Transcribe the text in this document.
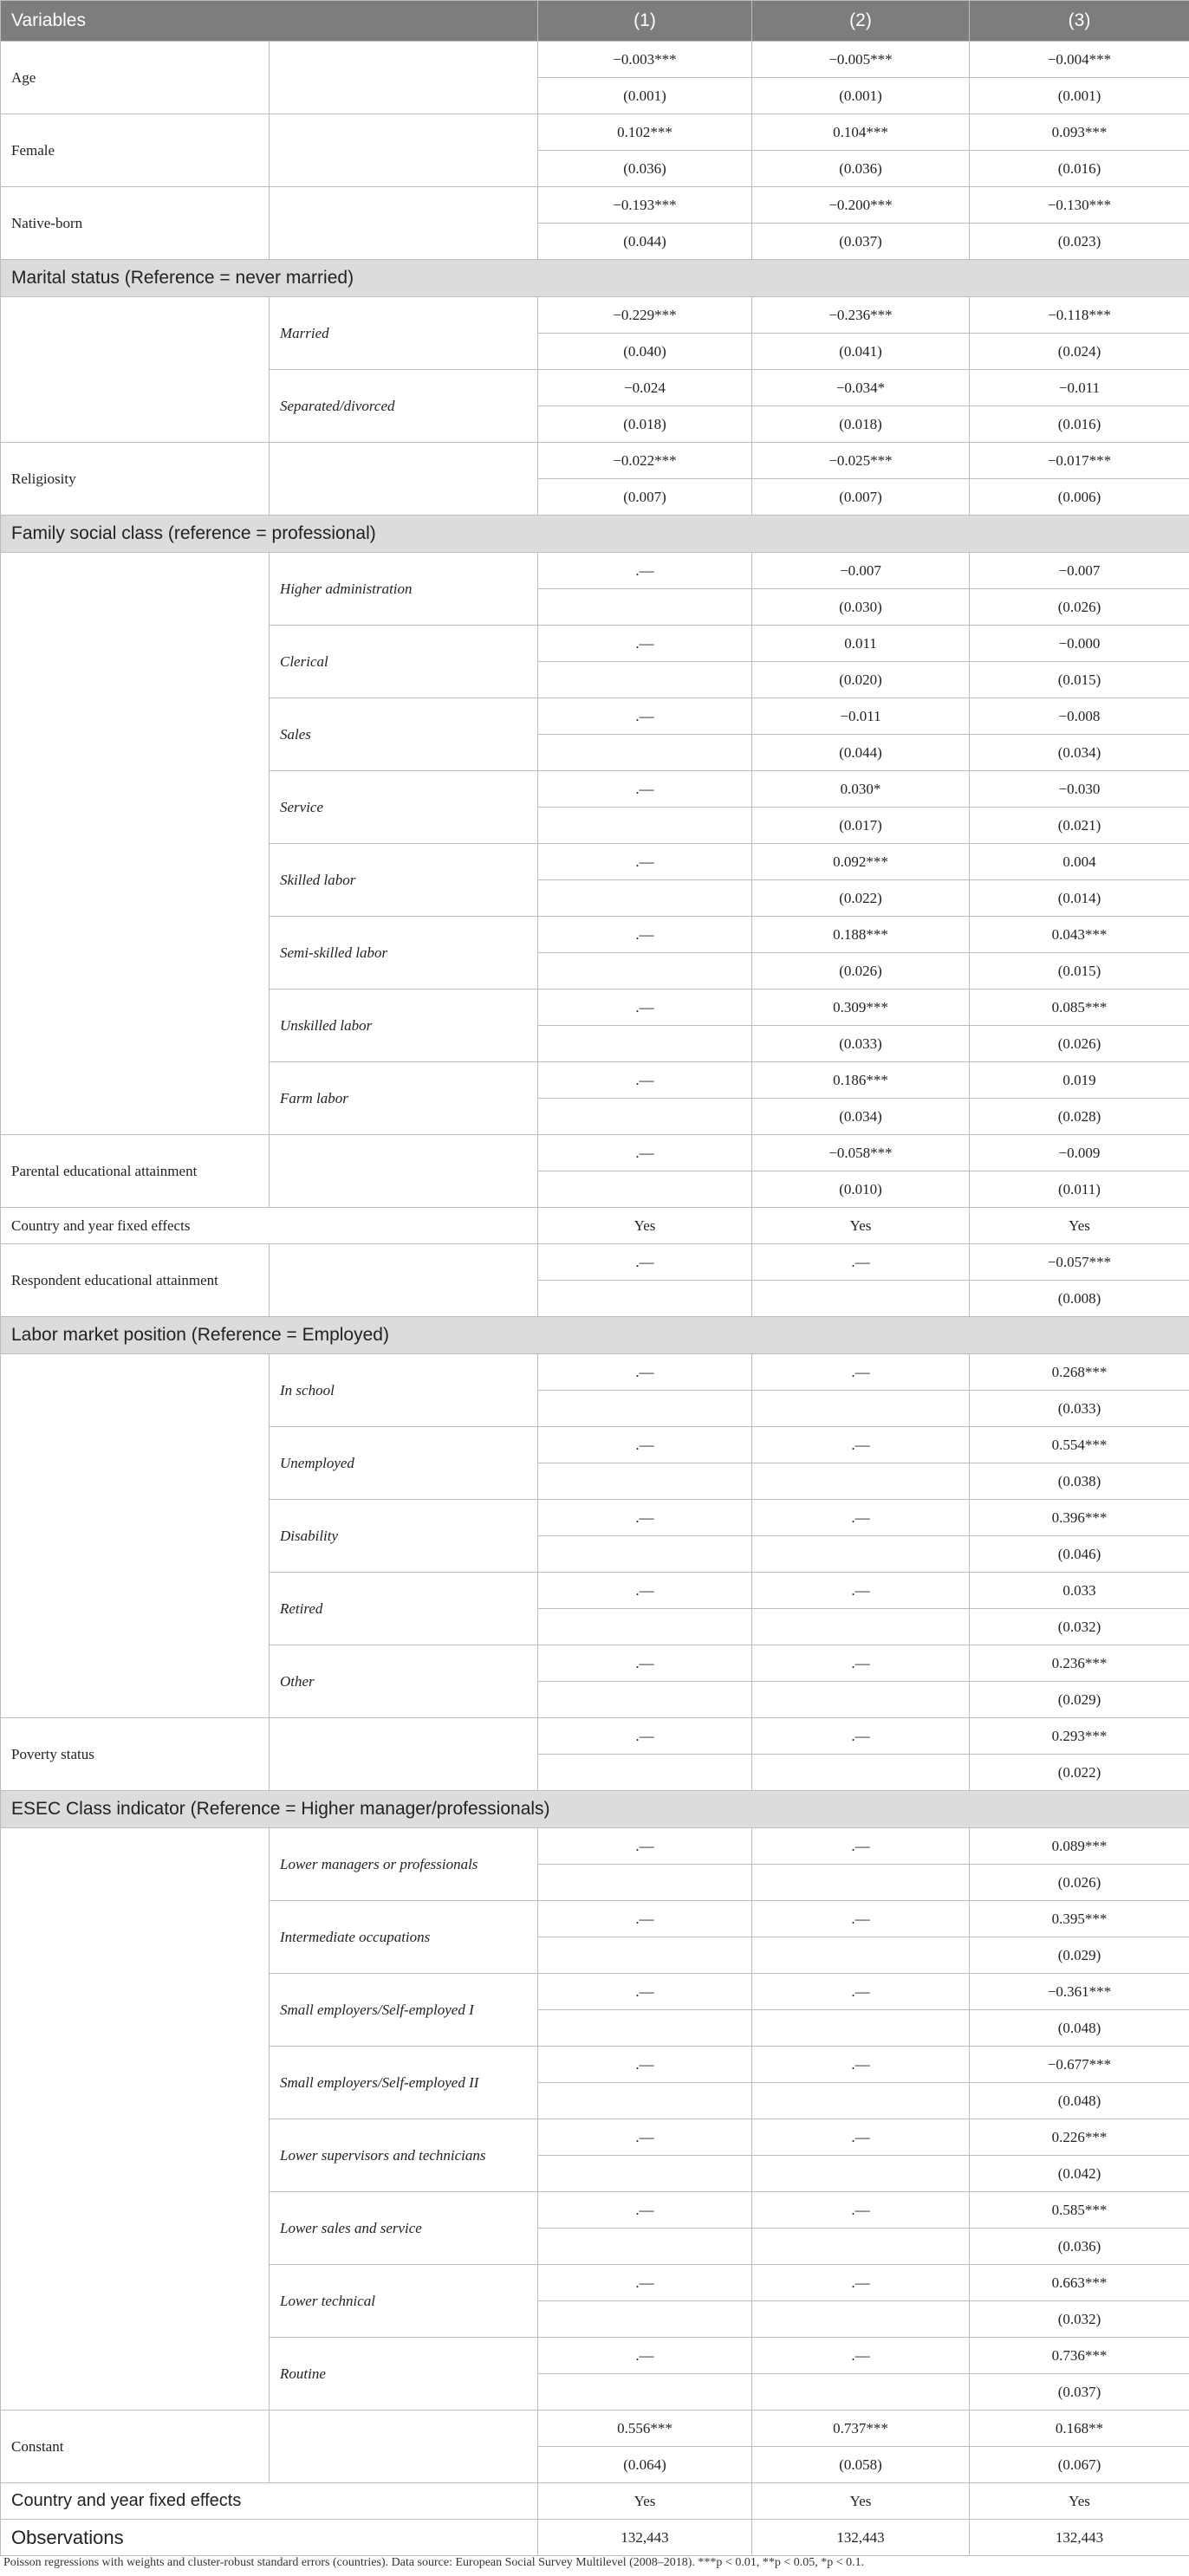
Variables		(1)	(2)	(3)
Age		−0.003***	−0.005***	−0.004***
		(0.001)	(0.001)	(0.001)
Female		0.102***	0.104***	0.093***
		(0.036)	(0.036)	(0.016)
Native-born		−0.193***	−0.200***	−0.130***
		(0.044)	(0.037)	(0.023)
Marital status (Reference = never married)				
	Married	−0.229***	−0.236***	−0.118***
		(0.040)	(0.041)	(0.024)
	Separated/divorced	−0.024	−0.034*	−0.011
		(0.018)	(0.018)	(0.016)
Religiosity		−0.022***	−0.025***	−0.017***
		(0.007)	(0.007)	(0.006)
Family social class (reference = professional)				
	Higher administration	.—	−0.007	−0.007
			(0.030)	(0.026)
	Clerical	.—	0.011	−0.000
			(0.020)	(0.015)
	Sales	.—	−0.011	−0.008
			(0.044)	(0.034)
	Service	.—	0.030*	−0.030
			(0.017)	(0.021)
	Skilled labor	.—	0.092***	0.004
			(0.022)	(0.014)
	Semi-skilled labor	.—	0.188***	0.043***
			(0.026)	(0.015)
	Unskilled labor	.—	0.309***	0.085***
			(0.033)	(0.026)
	Farm labor	.—	0.186***	0.019
			(0.034)	(0.028)
Parental educational attainment		.—	−0.058***	−0.009
			(0.010)	(0.011)
Country and year fixed effects		Yes	Yes	Yes
Respondent educational attainment		.—	.—	−0.057***
				(0.008)
Labor market position (Reference = Employed)				
	In school	.—	.—	0.268***
				(0.033)
	Unemployed	.—	.—	0.554***
				(0.038)
	Disability	.—	.—	0.396***
				(0.046)
	Retired	.—	.—	0.033
				(0.032)
	Other	.—	.—	0.236***
				(0.029)
Poverty status		.—	.—	0.293***
				(0.022)
ESEC Class indicator (Reference = Higher manager/professionals)				
	Lower managers or professionals	.—	.—	0.089***
				(0.026)
	Intermediate occupations	.—	.—	0.395***
				(0.029)
	Small employers/Self-employed I	.—	.—	−0.361***
				(0.048)
	Small employers/Self-employed II	.—	.—	−0.677***
				(0.048)
	Lower supervisors and technicians	.—	.—	0.226***
				(0.042)
	Lower sales and service	.—	.—	0.585***
				(0.036)
	Lower technical	.—	.—	0.663***
				(0.032)
	Routine	.—	.—	0.736***
				(0.037)
Constant		0.556***	0.737***	0.168**
		(0.064)	(0.058)	(0.067)
Country and year fixed effects		Yes	Yes	Yes
Observations		132,443	132,443	132,443
Poisson regressions with weights and cluster-robust standard errors (countries). Data source: European Social Survey Multilevel (2008–2018). ***p < 0.01, **p < 0.05, *p < 0.1.
